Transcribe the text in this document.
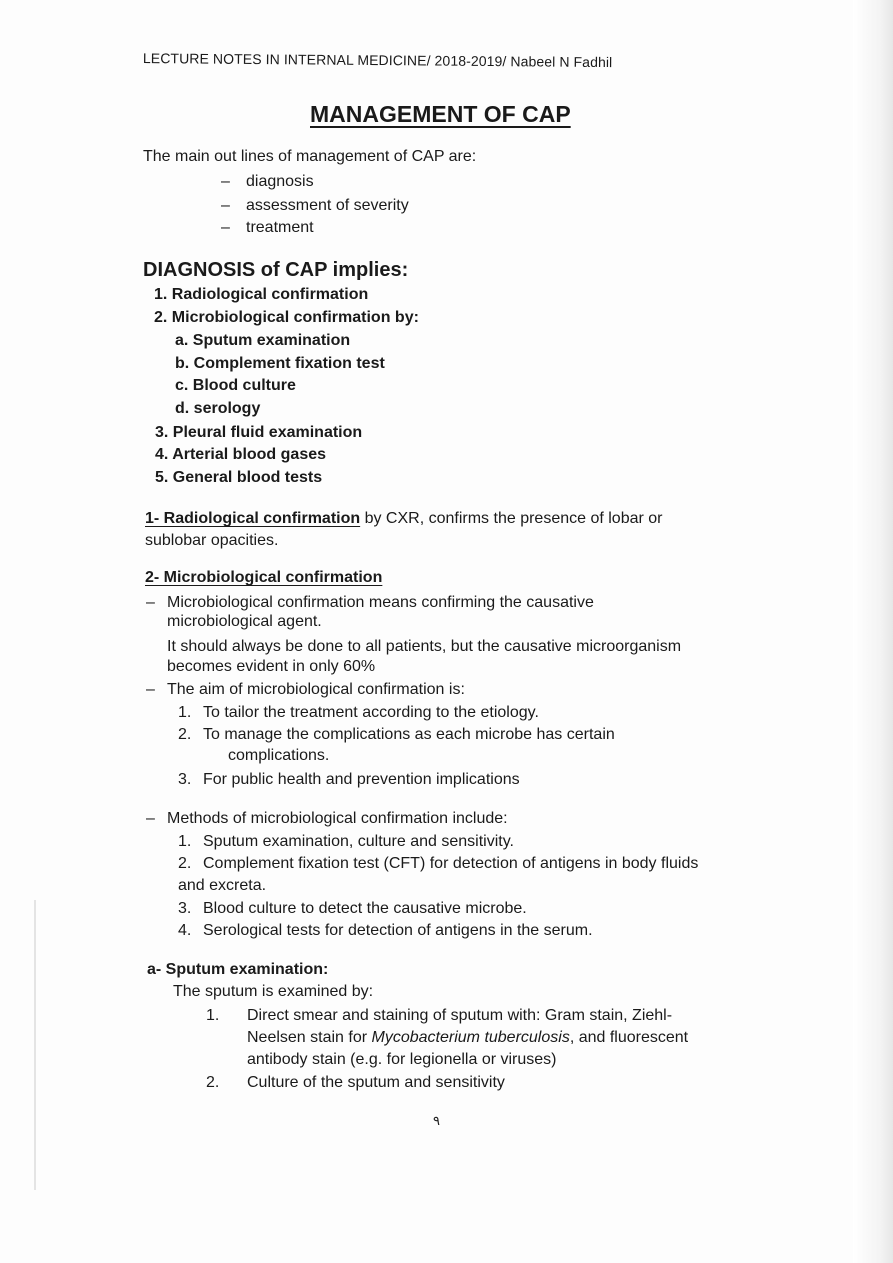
LECTURE NOTES IN INTERNAL MEDICINE/ 2018-2019/ Nabeel N Fadhil
MANAGEMENT OF CAP
The main out lines of management of CAP are:
– diagnosis
– assessment of severity
– treatment
DIAGNOSIS of CAP implies:
1. Radiological confirmation
2. Microbiological confirmation by:
a. Sputum examination
b. Complement fixation test
c. Blood culture
d. serology
3. Pleural fluid examination
4. Arterial blood gases
5. General blood tests
1- Radiological confirmation by CXR, confirms the presence of lobar or
sublobar opacities.
2- Microbiological confirmation
– Microbiological confirmation means confirming the causative
microbiological agent.
It should always be done to all patients, but the causative microorganism
becomes evident in only 60%
– The aim of microbiological confirmation is:
1. To tailor the treatment according to the etiology.
2. To manage the complications as each microbe has certain
complications.
3. For public health and prevention implications
– Methods of microbiological confirmation include:
1. Sputum examination, culture and sensitivity.
2. Complement fixation test (CFT) for detection of antigens in body fluids
and excreta.
3. Blood culture to detect the causative microbe.
4. Serological tests for detection of antigens in the serum.
a- Sputum examination:
The sputum is examined by:
1. Direct smear and staining of sputum with: Gram stain, Ziehl-
Neelsen stain for Mycobacterium tuberculosis, and fluorescent
antibody stain (e.g. for legionella or viruses)
2. Culture of the sputum and sensitivity
٩
